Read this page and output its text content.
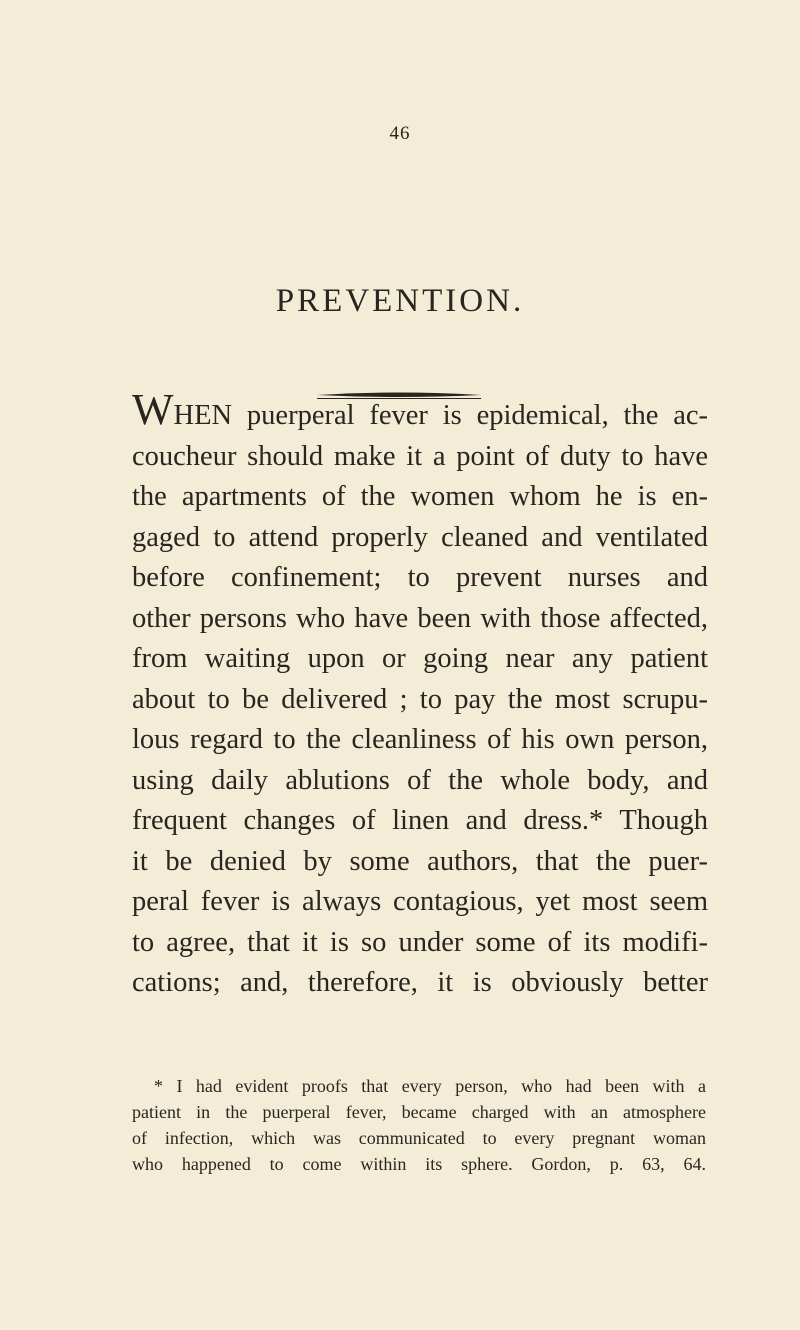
46
PREVENTION.
WHEN puerperal fever is epidemical, the ac-
coucheur should make it a point of duty to have
the apartments of the women whom he is en-
gaged to attend properly cleaned and ventilated
before confinement; to prevent nurses and
other persons who have been with those affected,
from waiting upon or going near any patient
about to be delivered ; to pay the most scrupu-
lous regard to the cleanliness of his own person,
using daily ablutions of the whole body, and
frequent changes of linen and dress.* Though
it be denied by some authors, that the puer-
peral fever is always contagious, yet most seem
to agree, that it is so under some of its modifi-
cations; and, therefore, it is obviously better
* I had evident proofs that every person, who had been with a
patient in the puerperal fever, became charged with an atmosphere
of infection, which was communicated to every pregnant woman
who happened to come within its sphere. Gordon, p. 63, 64.
